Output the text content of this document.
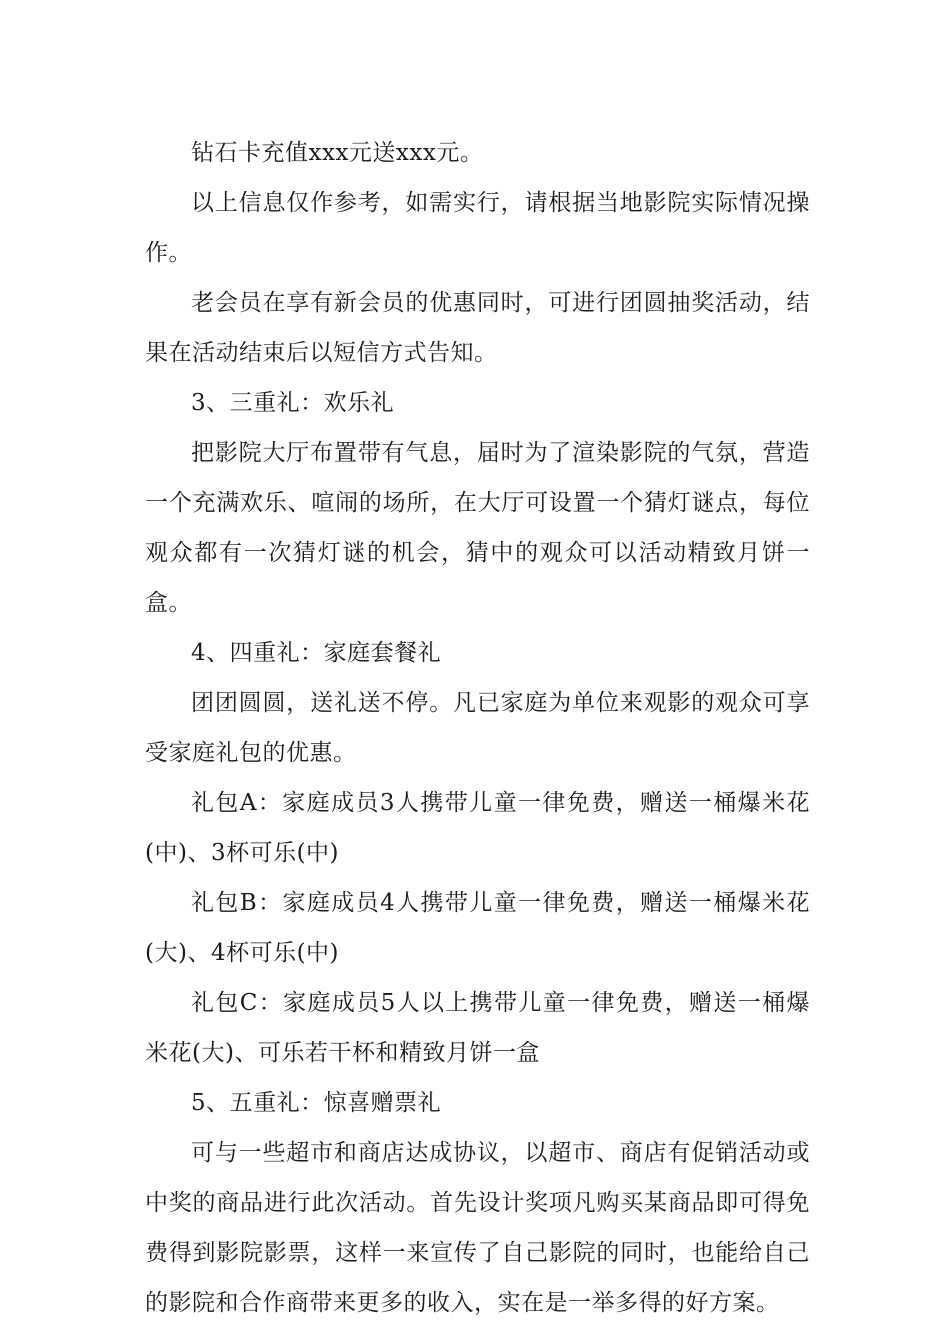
钻石卡充值xxx元送xxx元。

以上信息仅作参考，如需实行，请根据当地影院实际情况操作。

老会员在享有新会员的优惠同时，可进行团圆抽奖活动，结果在活动结束后以短信方式告知。

3、三重礼：欢乐礼

把影院大厅布置带有气息，届时为了渲染影院的气氛，营造一个充满欢乐、喧闹的场所，在大厅可设置一个猜灯谜点，每位观众都有一次猜灯谜的机会，猜中的观众可以活动精致月饼一盒。

4、四重礼：家庭套餐礼

团团圆圆，送礼送不停。凡已家庭为单位来观影的观众可享受家庭礼包的优惠。

礼包A：家庭成员3人携带儿童一律免费，赠送一桶爆米花(中)、3杯可乐(中)

礼包B：家庭成员4人携带儿童一律免费，赠送一桶爆米花(大)、4杯可乐(中)

礼包C：家庭成员5人以上携带儿童一律免费，赠送一桶爆米花(大)、可乐若干杯和精致月饼一盒

5、五重礼：惊喜赠票礼

可与一些超市和商店达成协议，以超市、商店有促销活动或中奖的商品进行此次活动。首先设计奖项凡购买某商品即可得免费得到影院影票，这样一来宣传了自己影院的同时，也能给自己的影院和合作商带来更多的收入，实在是一举多得的好方案。
